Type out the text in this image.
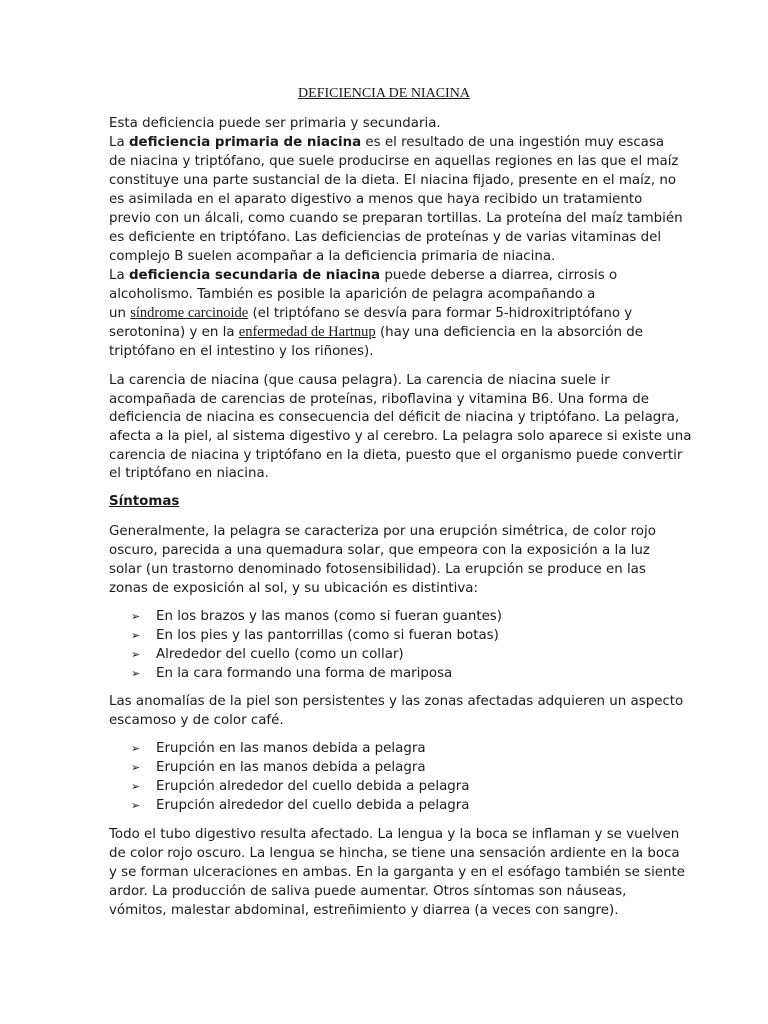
DEFICIENCIA DE NIACINA
Esta deficiencia puede ser primaria y secundaria.
La deficiencia primaria de niacina es el resultado de una ingestión muy escasa
de niacina y triptófano, que suele producirse en aquellas regiones en las que el maíz
constituye una parte sustancial de la dieta. El niacina fijado, presente en el maíz, no
es asimilada en el aparato digestivo a menos que haya recibido un tratamiento
previo con un álcali, como cuando se preparan tortillas. La proteína del maíz también
es deficiente en triptófano. Las deficiencias de proteínas y de varias vitaminas del
complejo B suelen acompañar a la deficiencia primaria de niacina.
La deficiencia secundaria de niacina puede deberse a diarrea, cirrosis o
alcoholismo. También es posible la aparición de pelagra acompañando a
un síndrome carcinoide (el triptófano se desvía para formar 5-hidroxitriptófano y
serotonina) y en la enfermedad de Hartnup (hay una deficiencia en la absorción de
triptófano en el intestino y los riñones).
La carencia de niacina (que causa pelagra). La carencia de niacina suele ir
acompañada de carencias de proteínas, riboflavina y vitamina B6. Una forma de
deficiencia de niacina es consecuencia del déficit de niacina y triptófano. La pelagra,
afecta a la piel, al sistema digestivo y al cerebro. La pelagra solo aparece si existe una
carencia de niacina y triptófano en la dieta, puesto que el organismo puede convertir
el triptófano en niacina.
Síntomas
Generalmente, la pelagra se caracteriza por una erupción simétrica, de color rojo
oscuro, parecida a una quemadura solar, que empeora con la exposición a la luz
solar (un trastorno denominado fotosensibilidad). La erupción se produce en las
zonas de exposición al sol, y su ubicación es distintiva:
➢	En los brazos y las manos (como si fueran guantes)
➢	En los pies y las pantorrillas (como si fueran botas)
➢	Alrededor del cuello (como un collar)
➢	En la cara formando una forma de mariposa
Las anomalías de la piel son persistentes y las zonas afectadas adquieren un aspecto
escamoso y de color café.
➢	Erupción en las manos debida a pelagra
➢	Erupción en las manos debida a pelagra
➢	Erupción alrededor del cuello debida a pelagra
➢	Erupción alrededor del cuello debida a pelagra
Todo el tubo digestivo resulta afectado. La lengua y la boca se inflaman y se vuelven
de color rojo oscuro. La lengua se hincha, se tiene una sensación ardiente en la boca
y se forman ulceraciones en ambas. En la garganta y en el esófago también se siente
ardor. La producción de saliva puede aumentar. Otros síntomas son náuseas,
vómitos, malestar abdominal, estreñimiento y diarrea (a veces con sangre).
